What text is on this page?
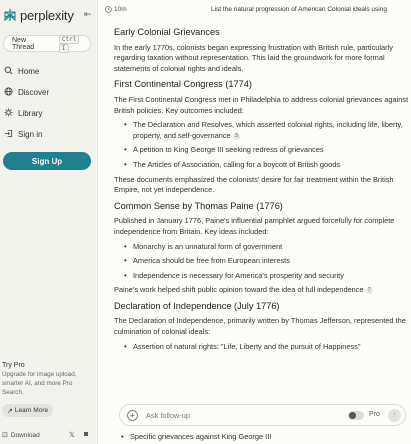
perplexity ⇤
New Thread
CtrlI
Home
Discover
Library
Sign in
Sign Up
Try Pro
Upgrade for image upload, smarter AI, and more Pro Search.
↗ Learn More
⊡ Download	𝕏 ◙
10m	List the natural progression of American Colonial ideals using
Early Colonial Grievances

In the early 1770s, colonists began expressing frustration with British rule, particularly regarding taxation without representation. This laid the groundwork for more formal statements of colonial rights and ideals.

First Continental Congress (1774)

The First Continental Congress met in Philadelphia to address colonial grievances against British policies. Key outcomes included:

• The Declaration and Resolves, which asserted colonial rights, including life, liberty, property, and self-governance 3
• A petition to King George III seeking redress of grievances
• The Articles of Association, calling for a boycott of British goods

These documents emphasized the colonists' desire for fair treatment within the British Empire, not yet independence.

Common Sense by Thomas Paine (1776)

Published in January 1776, Paine's influential pamphlet argued forcefully for complete independence from Britain. Key ideas included:

• Monarchy is an unnatural form of government
• America should be free from European interests
• Independence is necessary for America's prosperity and security

Paine's work helped shift public opinion toward the idea of full independence 7

Declaration of Independence (July 1776)

The Declaration of Independence, primarily written by Thomas Jefferson, represented the culmination of colonial ideals:

• Assertion of natural rights: "Life, Liberty and the pursuit of Happiness"
• Specific grievances against King George III
+	Ask follow-up	Pro	↑
